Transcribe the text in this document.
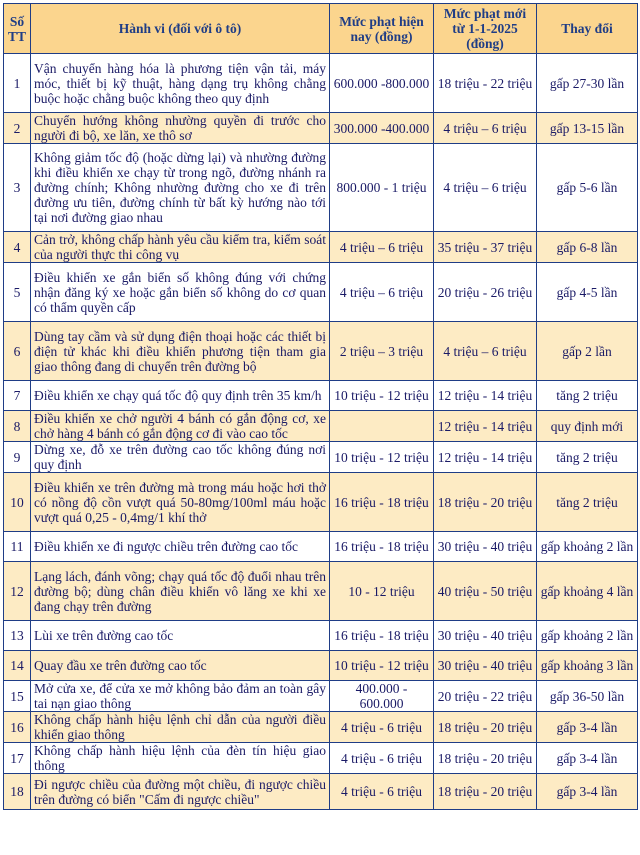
Số TT	Hành vi (đối với ô tô)	Mức phạt hiện nay (đồng)	Mức phạt mới từ 1-1-2025 (đồng)	Thay đổi
1	Vận chuyển hàng hóa là phương tiện vận tải, máy móc, thiết bị kỹ thuật, hàng dạng trụ không chằng buộc hoặc chằng buộc không theo quy định	600.000 -800.000	18 triệu - 22 triệu	gấp 27-30 lần
2	Chuyển hướng không nhường quyền đi trước cho người đi bộ, xe lăn, xe thô sơ	300.000 -400.000	4 triệu – 6 triệu	gấp 13-15 lần
3	Không giảm tốc độ (hoặc dừng lại) và nhường đường khi điều khiển xe chạy từ trong ngõ, đường nhánh ra đường chính; Không nhường đường cho xe đi trên đường ưu tiên, đường chính từ bất kỳ hướng nào tới tại nơi đường giao nhau	800.000 - 1 triệu	4 triệu – 6 triệu	gấp 5-6 lần
4	Cản trở, không chấp hành yêu cầu kiểm tra, kiểm soát của người thực thi công vụ	4 triệu – 6 triệu	35 triệu - 37 triệu	gấp 6-8 lần
5	Điều khiển xe gắn biển số không đúng với chứng nhận đăng ký xe hoặc gắn biển số không do cơ quan có thẩm quyền cấp	4 triệu – 6 triệu	20 triệu - 26 triệu	gấp 4-5 lần
6	Dùng tay cầm và sử dụng điện thoại hoặc các thiết bị điện tử khác khi điều khiển phương tiện tham gia giao thông đang di chuyển trên đường bộ	2 triệu – 3 triệu	4 triệu – 6 triệu	gấp 2 lần
7	Điều khiển xe chạy quá tốc độ quy định trên 35 km/h	10 triệu - 12 triệu	12 triệu - 14 triệu	tăng 2 triệu
8	Điều khiển xe chở người 4 bánh có gắn động cơ, xe chở hàng 4 bánh có gắn động cơ đi vào cao tốc		12 triệu - 14 triệu	quy định mới
9	Dừng xe, đỗ xe trên đường cao tốc không đúng nơi quy định	10 triệu - 12 triệu	12 triệu - 14 triệu	tăng 2 triệu
10	Điều khiển xe trên đường mà trong máu hoặc hơi thở có nồng độ cồn vượt quá 50-80mg/100ml máu hoặc vượt quá 0,25 - 0,4mg/1 khí thở	16 triệu - 18 triệu	18 triệu - 20 triệu	tăng 2 triệu
11	Điều khiển xe đi ngược chiều trên đường cao tốc	16 triệu - 18 triệu	30 triệu - 40 triệu	gấp khoảng 2 lần
12	Lạng lách, đánh võng; chạy quá tốc độ đuổi nhau trên đường bộ; dùng chân điều khiển vô lăng xe khi xe đang chạy trên đường	10 - 12 triệu	40 triệu - 50 triệu	gấp khoảng 4 lần
13	Lùi xe trên đường cao tốc	16 triệu - 18 triệu	30 triệu - 40 triệu	gấp khoảng 2 lần
14	Quay đầu xe trên đường cao tốc	10 triệu - 12 triệu	30 triệu - 40 triệu	gấp khoảng 3 lần
15	Mở cửa xe, để cửa xe mở không bảo đảm an toàn gây tai nạn giao thông	400.000 - 600.000	20 triệu - 22 triệu	gấp 36-50 lần
16	Không chấp hành hiệu lệnh chỉ dẫn của người điều khiển giao thông	4 triệu - 6 triệu	18 triệu - 20 triệu	gấp 3-4 lần
17	Không chấp hành hiệu lệnh của đèn tín hiệu giao thông	4 triệu - 6 triệu	18 triệu - 20 triệu	gấp 3-4 lần
18	Đi ngược chiều của đường một chiều, đi ngược chiều trên đường có biển "Cấm đi ngược chiều"	4 triệu - 6 triệu	18 triệu - 20 triệu	gấp 3-4 lần
